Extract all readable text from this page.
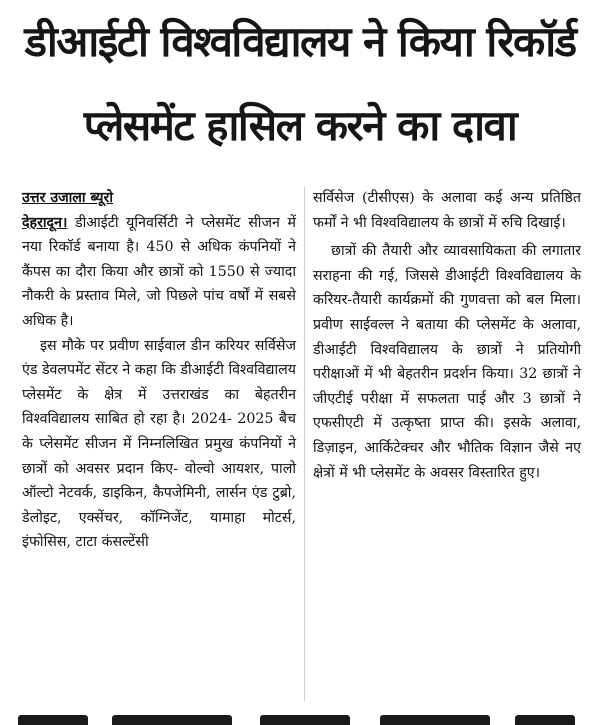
डीआईटी विश्वविद्यालय ने किया रिकॉर्ड
प्लेसमेंट हासिल करने का दावा

उत्तर उजाला ब्यूरो

देहरादून। डीआईटी यूनिवर्सिटी ने प्लेसमेंट सीजन में नया रिकॉर्ड बनाया है। 450 से अधिक कंपनियों ने कैंपस का दौरा किया और छात्रों को 1550 से ज्यादा नौकरी के प्रस्ताव मिले, जो पिछले पांच वर्षों में सबसे अधिक है।

इस मौके पर प्रवीण साईवाल डीन करियर सर्विसेज एंड डेवलपमेंट सेंटर ने कहा कि डीआईटी विश्वविद्यालय प्लेसमेंट के क्षेत्र में उत्तराखंड का बेहतरीन विश्वविद्यालय साबित हो रहा है। 2024- 2025 बैच के प्लेसमेंट सीजन में निम्नलिखित प्रमुख कंपनियों ने छात्रों को अवसर प्रदान किए- वोल्वो आयशर, पालो ऑल्टो नेटवर्क, डाइकिन, कैपजेमिनी, लार्सन एंड टुब्रो, डेलोइट, एक्सेंचर, कॉग्निजेंट, यामाहा मोटर्स, इंफोसिस, टाटा कंसल्टेंसी

सर्विसेज (टीसीएस) के अलावा कई अन्य प्रतिष्ठित फर्मों ने भी विश्वविद्यालय के छात्रों में रुचि दिखाई।

छात्रों की तैयारी और व्यावसायिकता की लगातार सराहना की गई, जिससे डीआईटी विश्वविद्यालय के करियर-तैयारी कार्यक्रमों की गुणवत्ता को बल मिला। प्रवीण साईवल्ल ने बताया की प्लेसमेंट के अलावा, डीआईटी विश्वविद्यालय के छात्रों ने प्रतियोगी परीक्षाओं में भी बेहतरीन प्रदर्शन किया। 32 छात्रों ने जीएटीई परीक्षा में सफलता पाई और 3 छात्रों ने एफसीएटी में उत्कृष्ता प्राप्त की। इसके अलावा, डिज़ाइन, आर्किटेक्चर और भौतिक विज्ञान जैसे नए क्षेत्रों में भी प्लेसमेंट के अवसर विस्तारित हुए।
